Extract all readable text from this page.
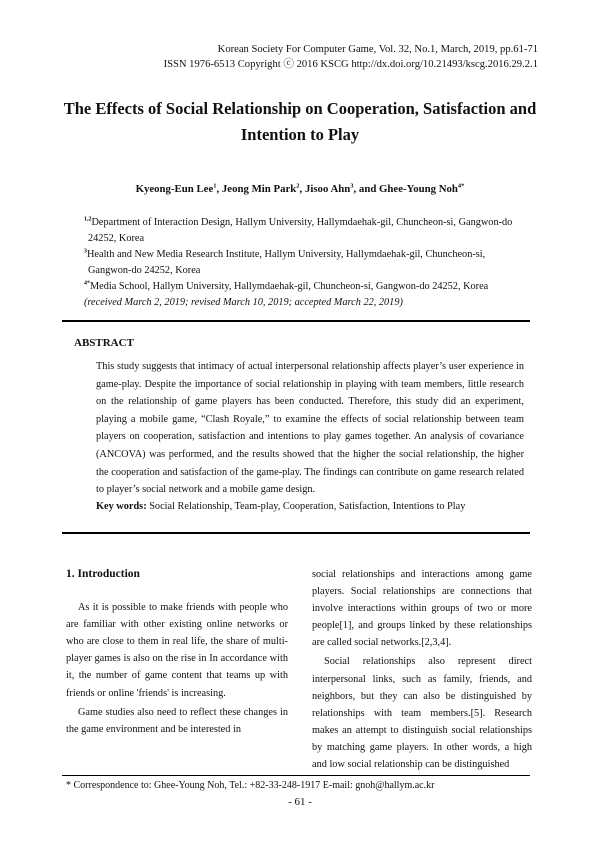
Korean Society For Computer Game, Vol. 32, No.1, March, 2019, pp.61-71
ISSN 1976-6513 Copyright ⓒ 2016 KSCG http://dx.doi.org/10.21493/kscg.2016.29.2.1
The Effects of Social Relationship on Cooperation, Satisfaction and
Intention to Play
Kyeong-Eun Lee$^1$, Jeong Min Park$^2$, Jisoo Ahn$^3$, and Ghee-Young Noh$^{4*}$

$^{1,2}$Department of Interaction Design, Hallym University, Hallymdaehak-gil, Chuncheon-si, Gangwon-do

24252, Korea

$^3$Health and New Media Research Institute, Hallym University, Hallymdaehak-gil, Chuncheon-si,

Gangwon-do 24252, Korea

$^{4*}$Media School, Hallym University, Hallymdaehak-gil, Chuncheon-si, Gangwon-do 24252, Korea

(received March 2, 2019; revised March 10, 2019; accepted March 22, 2019)

ABSTRACT

This study suggests that intimacy of actual interpersonal relationship affects player’s user experience in game-play. Despite the importance of social relationship in playing with team members, little research on the relationship of game players has been conducted. Therefore, this study did an experiment, playing a mobile game, “Clash Royale,” to examine the effects of social relationship between team players on cooperation, satisfaction and intentions to play games together. An analysis of covariance (ANCOVA) was performed, and the results showed that the higher the social relationship, the higher the cooperation and satisfaction of the game-play. The findings can contribute on game research related to player’s social network and a mobile game design.

Key words: Social Relationship, Team-play, Cooperation, Satisfaction, Intentions to Play

1. Introduction

As it is possible to make friends with people who are familiar with other existing online networks or who are close to them in real life, the share of multi-player games is also on the rise in In accordance with it, the number of game content that teams up with friends or online 'friends' is increasing.

Game studies also need to reflect these changes in the game environment and be interested in

social relationships and interactions among game players. Social relationships are connections that involve interactions within groups of two or more people[1], and groups linked by these relationships are called social networks.[2,3,4].

Social relationships also represent direct interpersonal links, such as family, friends, and neighbors, but they can also be distinguished by relationships with team members.[5]. Research makes an attempt to distinguish social relationships by matching game players. In other words, a high and low social relationship can be distinguished

* Correspondence to: Ghee-Young Noh, Tel.: +82-33-248-1917 E-mail: gnoh@hallym.ac.kr
- 61 -
